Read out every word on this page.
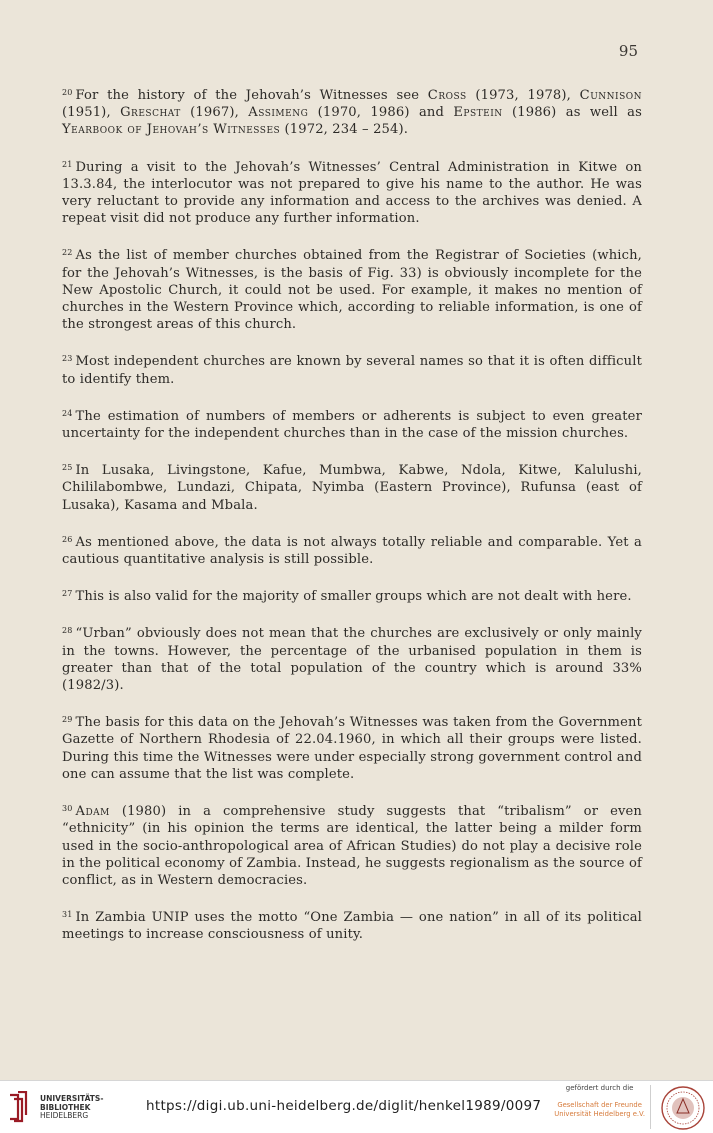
95

$^{20}$ For the history of the Jehovah’s Witnesses see Cross (1973, 1978), Cunnison (1951), Greschat (1967), Assimeng (1970, 1986) and Epstein (1986) as well as Yearbook of Jehovah’s Witnesses (1972, 234 – 254).

$^{21}$ During a visit to the Jehovah’s Witnesses’ Central Administration in Kitwe on 13.3.84, the interlocutor was not prepared to give his name to the author. He was very reluctant to provide any information and access to the archives was denied. A repeat visit did not produce any further information.

$^{22}$ As the list of member churches obtained from the Registrar of Societies (which, for the Jehovah’s Witnesses, is the basis of Fig. 33) is obviously incomplete for the New Apostolic Church, it could not be used. For example, it makes no mention of churches in the Western Province which, according to reliable information, is one of the strongest areas of this church.

$^{23}$ Most independent churches are known by several names so that it is often difficult to identify them.

$^{24}$ The estimation of numbers of members or adherents is subject to even greater uncertainty for the independent churches than in the case of the mission churches.

$^{25}$ In Lusaka, Livingstone, Kafue, Mumbwa, Kabwe, Ndola, Kitwe, Kalulushi, Chililabombwe, Lundazi, Chipata, Nyimba (Eastern Province), Rufunsa (east of Lusaka), Kasama and Mbala.

$^{26}$ As mentioned above, the data is not always totally reliable and comparable. Yet a cautious quantitative analysis is still possible.

$^{27}$ This is also valid for the majority of smaller groups which are not dealt with here.

$^{28}$ “Urban” obviously does not mean that the churches are exclusively or only mainly in the towns. However, the percentage of the urbanised population in them is greater than that of the total population of the country which is around 33% (1982/3).

$^{29}$ The basis for this data on the Jehovah’s Witnesses was taken from the Government Gazette of Northern Rhodesia of 22.04.1960, in which all their groups were listed. During this time the Witnesses were under especially strong government control and one can assume that the list was complete.

$^{30}$ Adam (1980) in a comprehensive study suggests that “tribalism” or even “ethnicity” (in his opinion the terms are identical, the latter being a milder form used in the socio-anthropological area of African Studies) do not play a decisive role in the political economy of Zambia. Instead, he suggests regionalism as the source of conflict, as in Western democracies.

$^{31}$ In Zambia UNIP uses the motto “One Zambia — one nation” in all of its political meetings to increase consciousness of unity.

UNIVERSITÄTS-
BIBLIOTHEK
HEIDELBERG
https://digi.ub.uni-heidelberg.de/diglit/henkel1989/0097
gefördert durch die
Gesellschaft der Freunde
Universität Heidelberg e.V.
